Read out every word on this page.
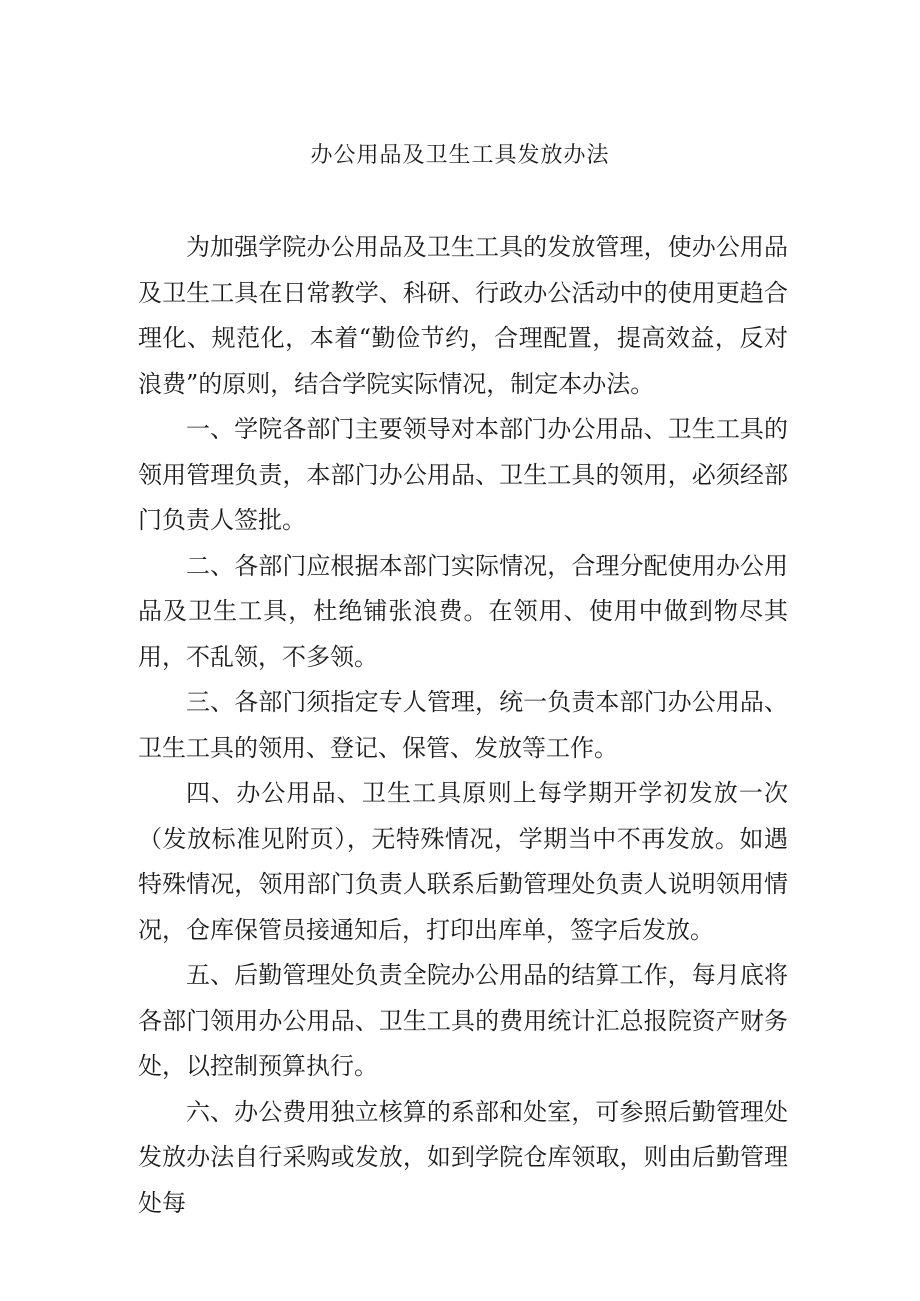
办公用品及卫生工具发放办法

为加强学院办公用品及卫生工具的发放管理，使办公用品及卫生工具在日常教学、科研、行政办公活动中的使用更趋合理化、规范化，本着“勤俭节约，合理配置，提高效益，反对浪费”的原则，结合学院实际情况，制定本办法。

一、学院各部门主要领导对本部门办公用品、卫生工具的领用管理负责，本部门办公用品、卫生工具的领用，必须经部门负责人签批。

二、各部门应根据本部门实际情况，合理分配使用办公用品及卫生工具，杜绝铺张浪费。在领用、使用中做到物尽其用，不乱领，不多领。

三、各部门须指定专人管理，统一负责本部门办公用品、卫生工具的领用、登记、保管、发放等工作。

四、办公用品、卫生工具原则上每学期开学初发放一次（发放标准见附页），无特殊情况，学期当中不再发放。如遇特殊情况，领用部门负责人联系后勤管理处负责人说明领用情况，仓库保管员接通知后，打印出库单，签字后发放。

五、后勤管理处负责全院办公用品的结算工作，每月底将各部门领用办公用品、卫生工具的费用统计汇总报院资产财务处，以控制预算执行。

六、办公费用独立核算的系部和处室，可参照后勤管理处发放办法自行采购或发放，如到学院仓库领取，则由后勤管理处每
